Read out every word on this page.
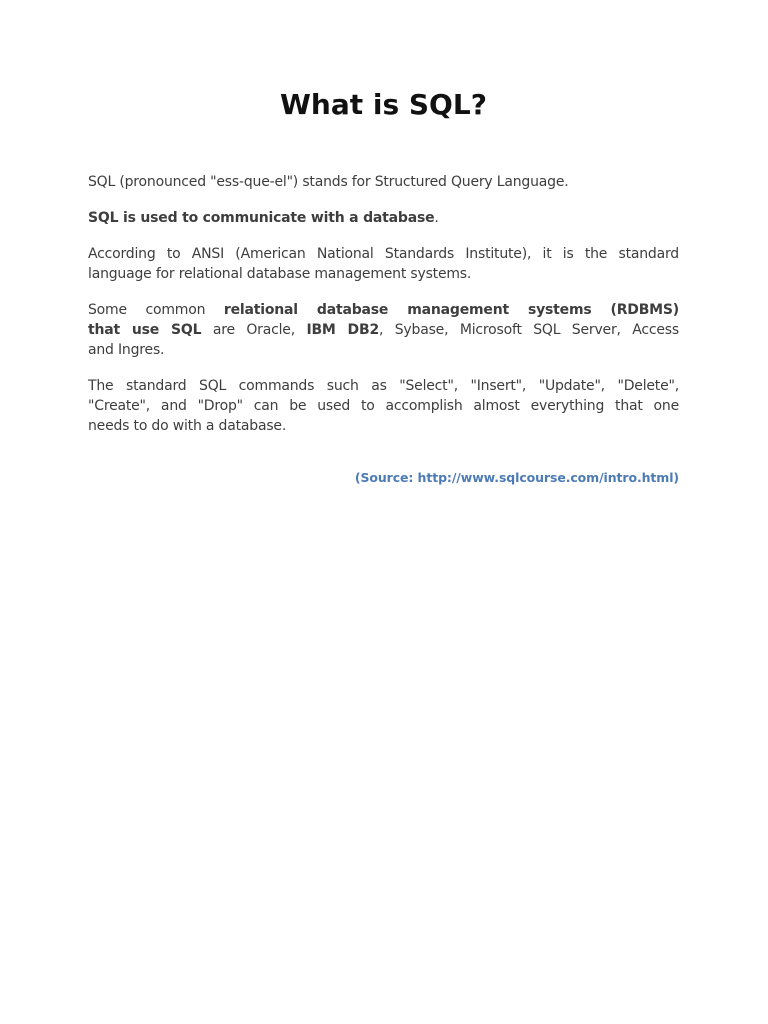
What is SQL?

SQL (pronounced "ess-que-el") stands for Structured Query Language.

SQL is used to communicate with a database.

According to ANSI (American National Standards Institute), it is the standard
language for relational database management systems.

Some common relational database management systems (RDBMS)
that use SQL are Oracle, IBM DB2, Sybase, Microsoft SQL Server, Access
and Ingres.

The standard SQL commands such as "Select", "Insert", "Update", "Delete",
"Create", and "Drop" can be used to accomplish almost everything that one
needs to do with a database.

(Source: http://www.sqlcourse.com/intro.html)
